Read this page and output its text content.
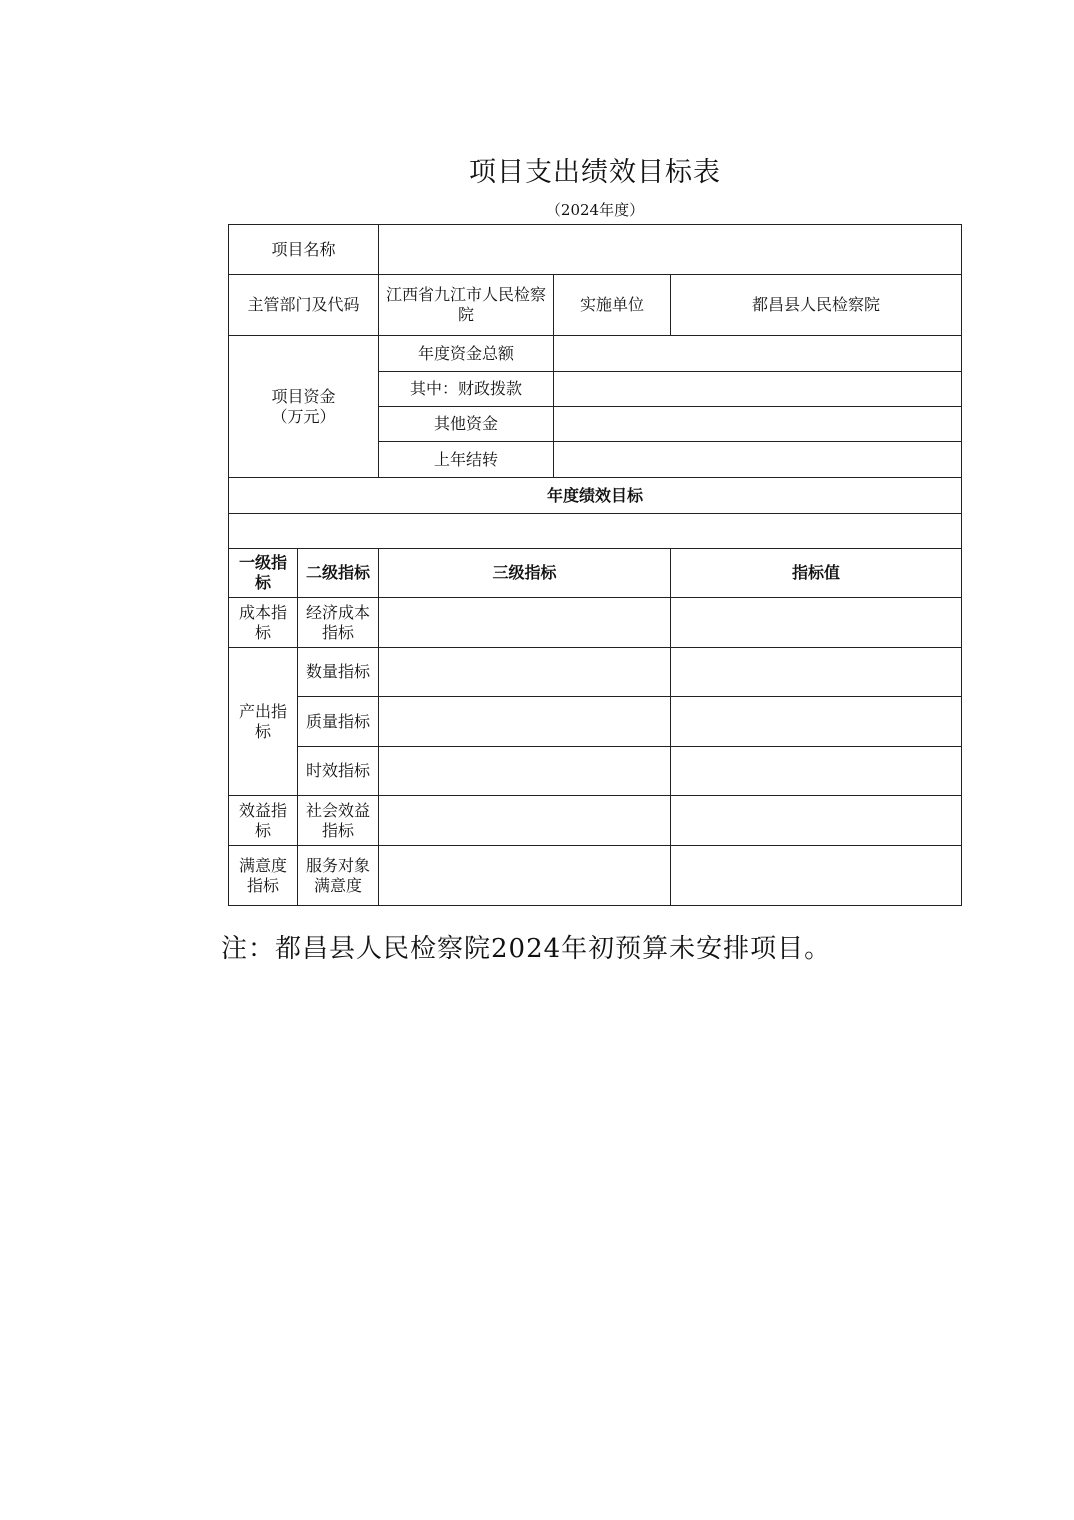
项目支出绩效目标表
（2024年度）
项目名称				
主管部门及代码		江西省九江市人民检察院	实施单位	都昌县人民检察院

项目资金
（万元）		年度资金总额		
		其中：财政拨款		
		其他资金		
		上年结转		
年度绩效目标				

一级指标	二级指标	三级指标		指标值
成本指标	经济成本指标			
产出指标	数量指标			
	质量指标			
	时效指标			
效益指标	社会效益指标			
满意度指标	服务对象满意度			
注：都昌县人民检察院2024年初预算未安排项目。
